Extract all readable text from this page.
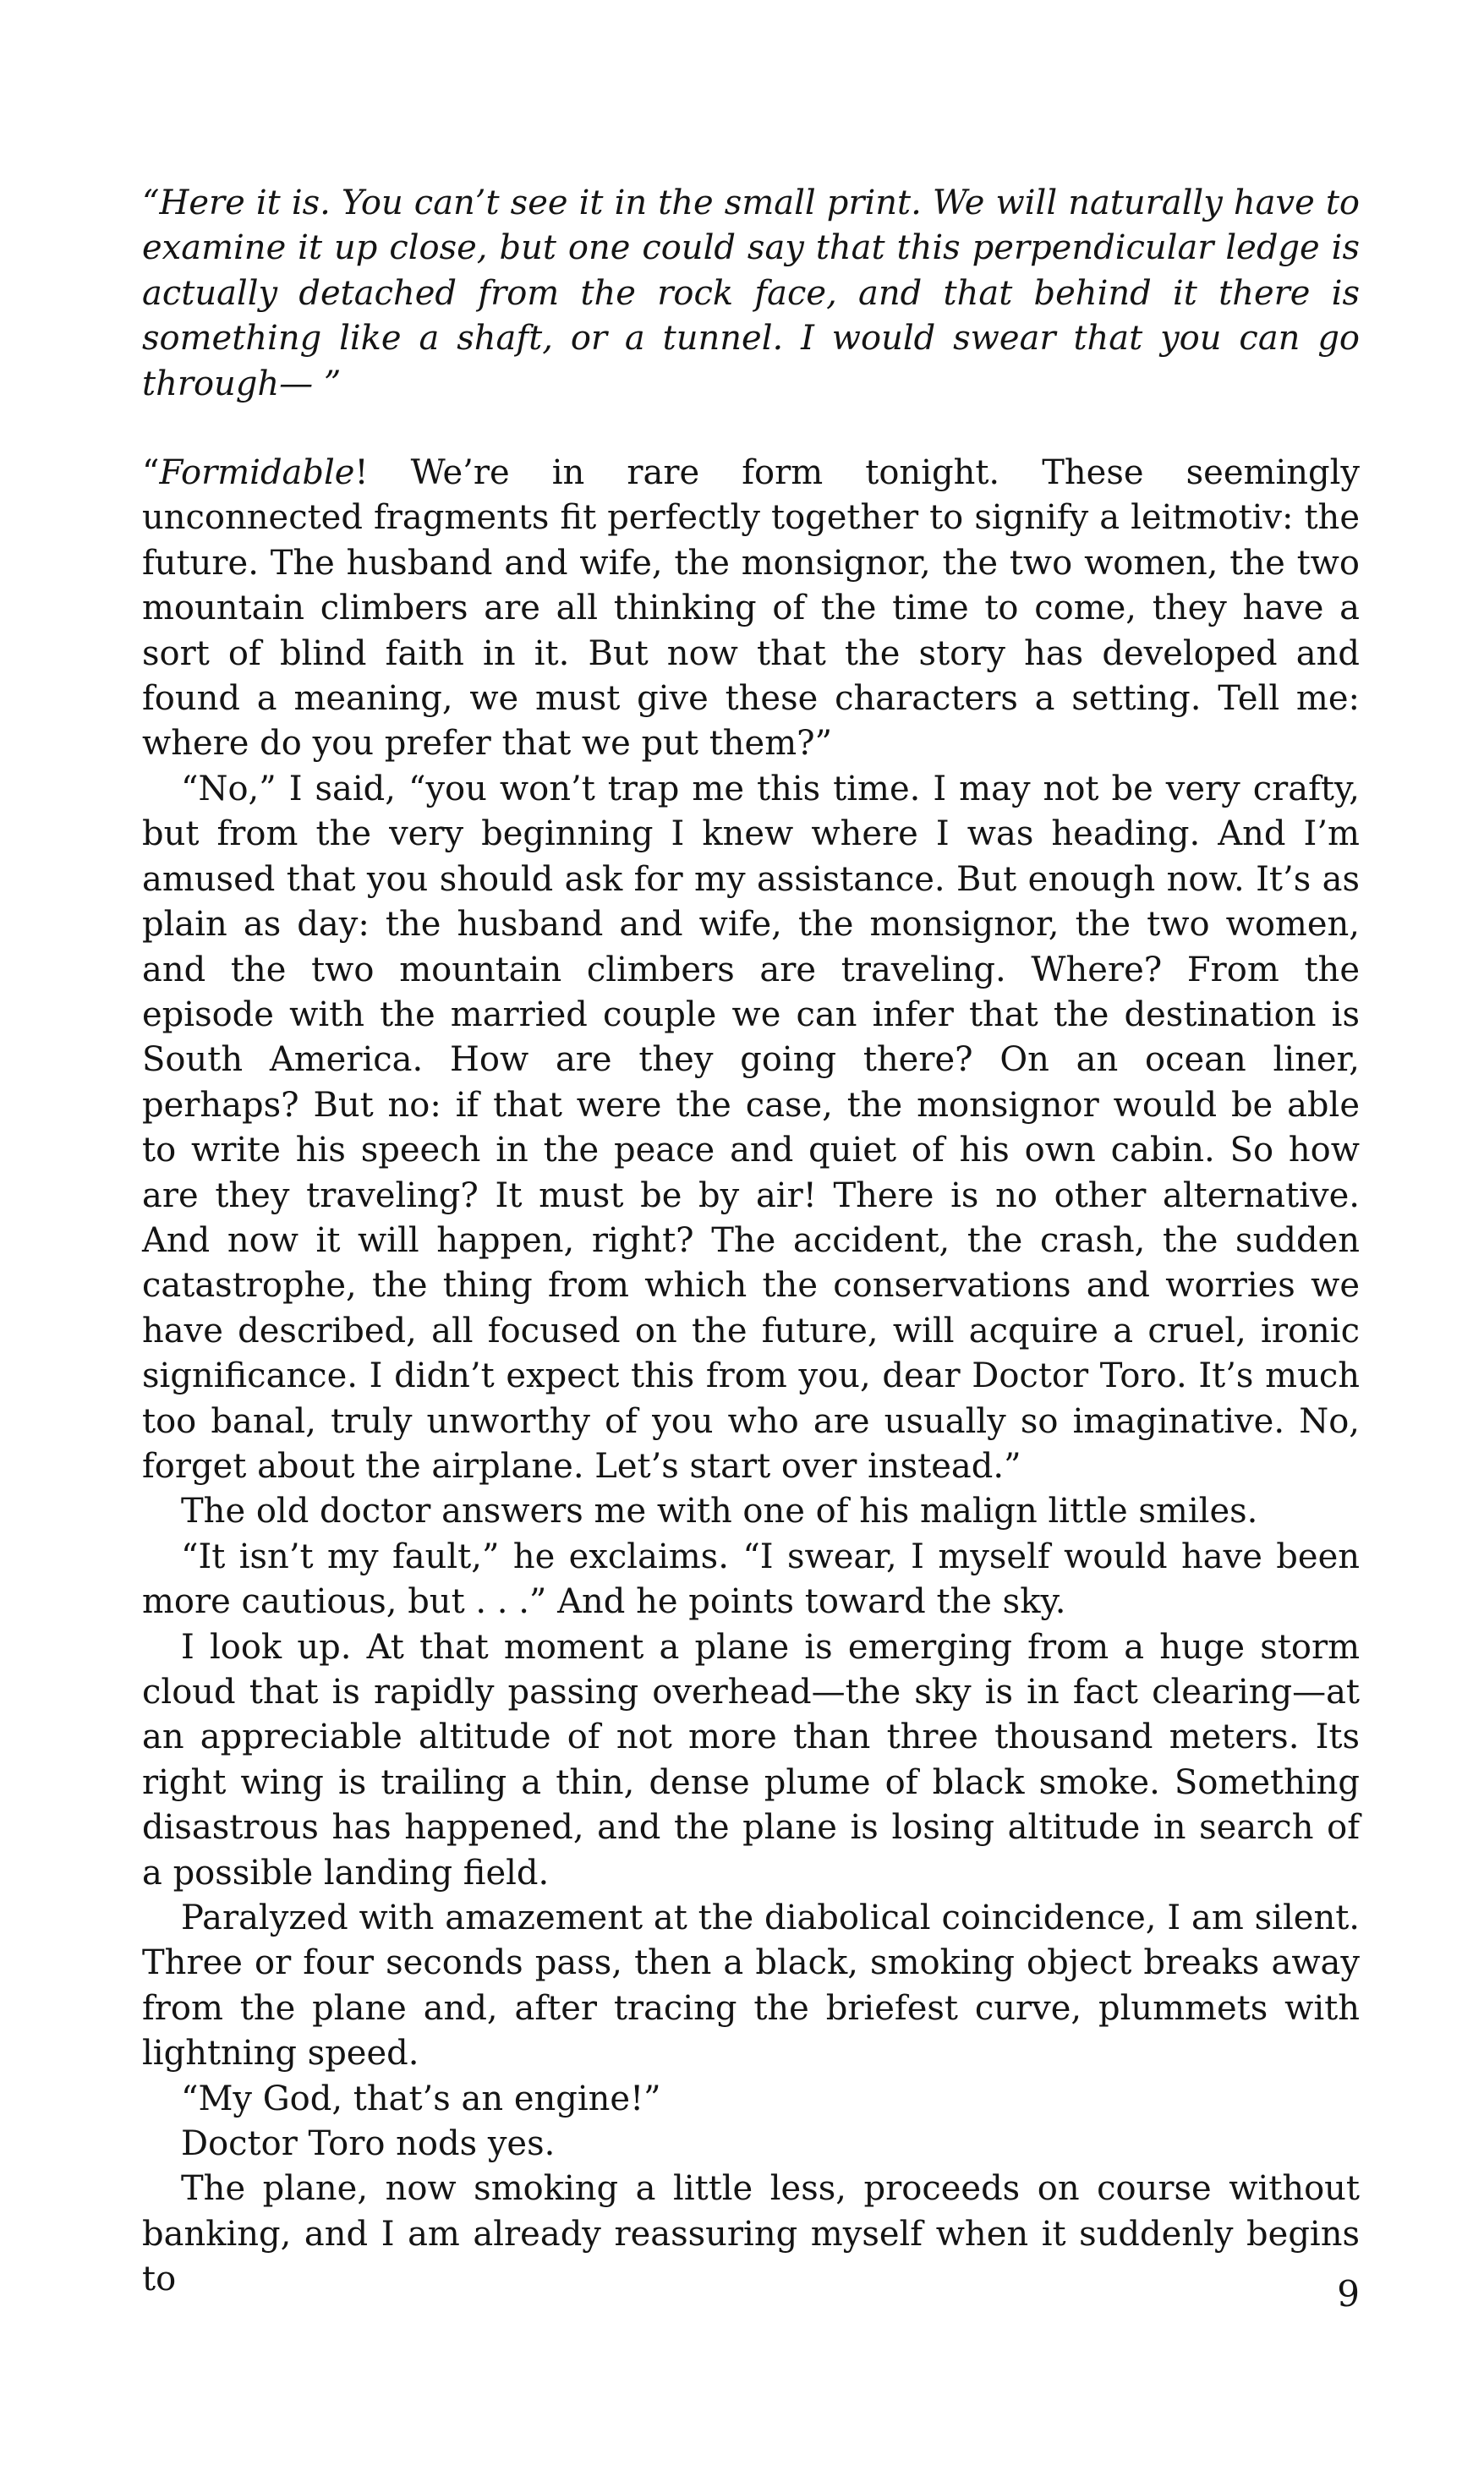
“Here it is. You can’t see it in the small print. We will naturally have to examine it up close, but one could say that this perpendicular ledge is actually detached from the rock face, and that behind it there is something like a shaft, or a tunnel. I would swear that you can go through— ”

“Formidable! We’re in rare form tonight. These seemingly unconnected fragments fit perfectly together to signify a leitmotiv: the future. The husband and wife, the monsignor, the two women, the two mountain climbers are all thinking of the time to come, they have a sort of blind faith in it. But now that the story has developed and found a meaning, we must give these characters a setting. Tell me: where do you prefer that we put them?”

“No,” I said, “you won’t trap me this time. I may not be very crafty, but from the very beginning I knew where I was heading. And I’m amused that you should ask for my assistance. But enough now. It’s as plain as day: the husband and wife, the monsignor, the two women, and the two mountain climbers are traveling. Where? From the episode with the married couple we can infer that the destination is South America. How are they going there? On an ocean liner, perhaps? But no: if that were the case, the monsignor would be able to write his speech in the peace and quiet of his own cabin. So how are they traveling? It must be by air! There is no other alternative. And now it will happen, right? The accident, the crash, the sudden catastrophe, the thing from which the conservations and worries we have described, all focused on the future, will acquire a cruel, ironic significance. I didn’t expect this from you, dear Doctor Toro. It’s much too banal, truly unworthy of you who are usually so imaginative. No, forget about the airplane. Let’s start over instead.”

The old doctor answers me with one of his malign little smiles.

“It isn’t my fault,” he exclaims. “I swear, I myself would have been more cautious, but . . .” And he points toward the sky.

I look up. At that moment a plane is emerging from a huge storm cloud that is rapidly passing overhead—the sky is in fact clearing—at an appreciable altitude of not more than three thousand meters. Its right wing is trailing a thin, dense plume of black smoke. Something disastrous has happened, and the plane is losing altitude in search of a possible landing field.

Paralyzed with amazement at the diabolical coincidence, I am silent. Three or four seconds pass, then a black, smoking object breaks away from the plane and, after tracing the briefest curve, plummets with lightning speed.

“My God, that’s an engine!”

Doctor Toro nods yes.

The plane, now smoking a little less, proceeds on course without banking, and I am already reassuring myself when it suddenly begins to	9
